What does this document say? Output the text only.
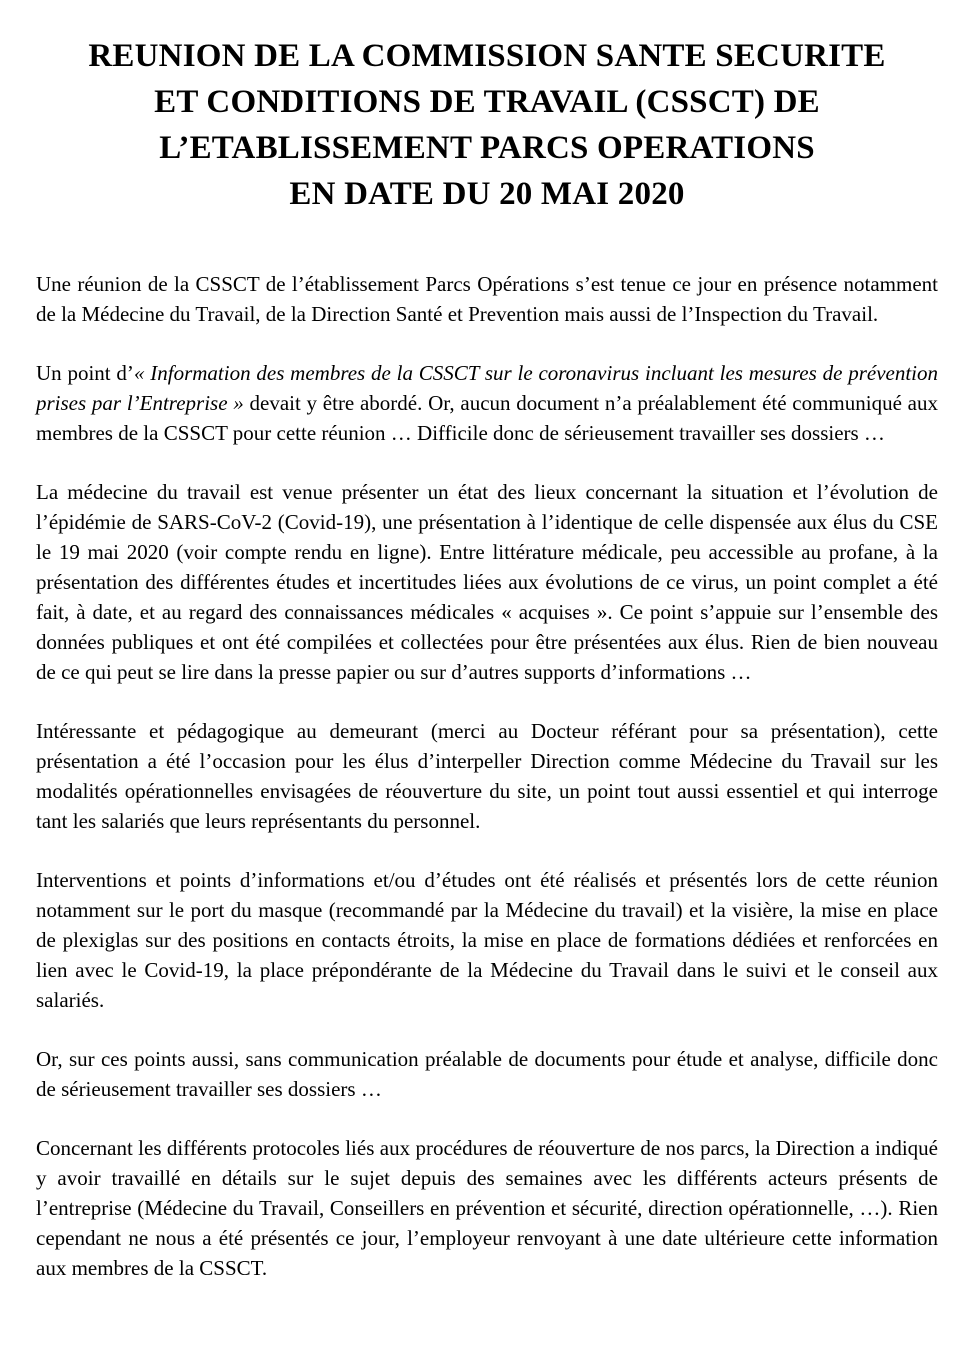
REUNION DE LA COMMISSION SANTE SECURITE
ET CONDITIONS DE TRAVAIL (CSSCT) DE
L’ETABLISSEMENT PARCS OPERATIONS
EN DATE DU 20 MAI 2020

Une réunion de la CSSCT de l’établissement Parcs Opérations s’est tenue ce jour en présence notamment de la Médecine du Travail, de la Direction Santé et Prevention mais aussi de l’Inspection du Travail.

Un point d’« Information des membres de la CSSCT sur le coronavirus incluant les mesures de prévention prises par l’Entreprise » devait y être abordé. Or, aucun document n’a préalablement été communiqué aux membres de la CSSCT pour cette réunion … Difficile donc de sérieusement travailler ses dossiers …

La médecine du travail est venue présenter un état des lieux concernant la situation et l’évolution de l’épidémie de SARS-CoV-2 (Covid-19), une présentation à l’identique de celle dispensée aux élus du CSE le 19 mai 2020 (voir compte rendu en ligne). Entre littérature médicale, peu accessible au profane, à la présentation des différentes études et incertitudes liées aux évolutions de ce virus, un point complet a été fait, à date, et au regard des connaissances médicales « acquises ». Ce point s’appuie sur l’ensemble des données publiques et ont été compilées et collectées pour être présentées aux élus. Rien de bien nouveau de ce qui peut se lire dans la presse papier ou sur d’autres supports d’informations …

Intéressante et pédagogique au demeurant (merci au Docteur référant pour sa présentation), cette présentation a été l’occasion pour les élus d’interpeller Direction comme Médecine du Travail sur les modalités opérationnelles envisagées de réouverture du site, un point tout aussi essentiel et qui interroge tant les salariés que leurs représentants du personnel.

Interventions et points d’informations et/ou d’études ont été réalisés et présentés lors de cette réunion notamment sur le port du masque (recommandé par la Médecine du travail) et la visière, la mise en place de plexiglas sur des positions en contacts étroits, la mise en place de formations dédiées et renforcées en lien avec le Covid-19, la place prépondérante de la Médecine du Travail dans le suivi et le conseil aux salariés.

Or, sur ces points aussi, sans communication préalable de documents pour étude et analyse, difficile donc de sérieusement travailler ses dossiers …

Concernant les différents protocoles liés aux procédures de réouverture de nos parcs, la Direction a indiqué y avoir travaillé en détails sur le sujet depuis des semaines avec les différents acteurs présents de l’entreprise (Médecine du Travail, Conseillers en prévention et sécurité, direction opérationnelle, …). Rien cependant ne nous a été présentés ce jour, l’employeur renvoyant à une date ultérieure cette information aux membres de la CSSCT.
